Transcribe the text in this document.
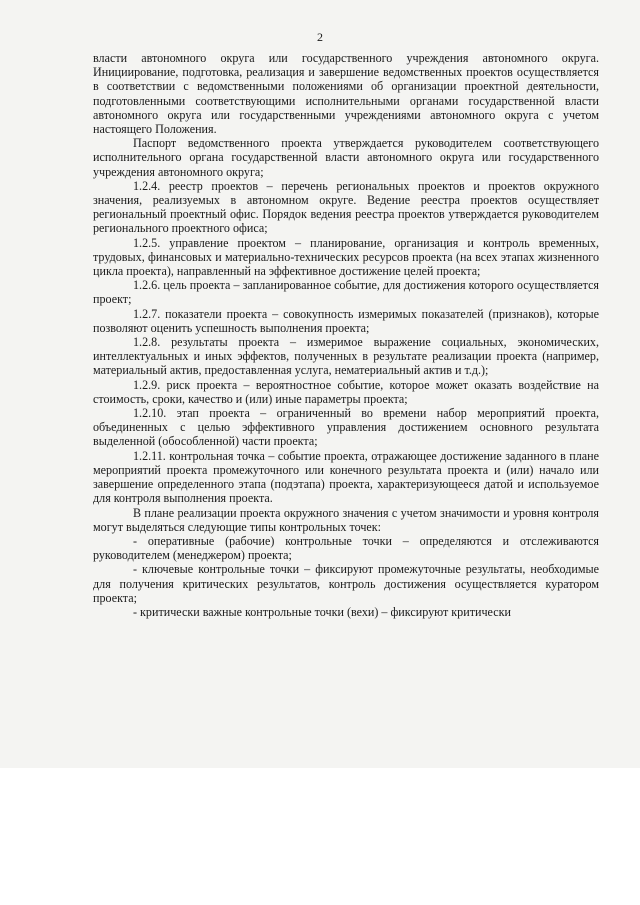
2

власти автономного округа или государственного учреждения автономного округа. Инициирование, подготовка, реализация и завершение ведомственных проектов осуществляется в соответствии с ведомственными положениями об организации проектной деятельности, подготовленными соответствующими исполнительными органами государственной власти автономного округа или государственными учреждениями автономного округа с учетом настоящего Положения.

Паспорт ведомственного проекта утверждается руководителем соответствующего исполнительного органа государственной власти автономного округа или государственного учреждения автономного округа;

1.2.4. реестр проектов – перечень региональных проектов и проектов окружного значения, реализуемых в автономном округе. Ведение реестра проектов осуществляет региональный проектный офис. Порядок ведения реестра проектов утверждается руководителем регионального проектного офиса;

1.2.5. управление проектом – планирование, организация и контроль временных, трудовых, финансовых и материально-технических ресурсов проекта (на всех этапах жизненного цикла проекта), направленный на эффективное достижение целей проекта;

1.2.6. цель проекта – запланированное событие, для достижения которого осуществляется проект;

1.2.7. показатели проекта – совокупность измеримых показателей (признаков), которые позволяют оценить успешность выполнения проекта;

1.2.8. результаты проекта – измеримое выражение социальных, экономических, интеллектуальных и иных эффектов, полученных в результате реализации проекта (например, материальный актив, предоставленная услуга, нематериальный актив и т.д.);

1.2.9. риск проекта – вероятностное событие, которое может оказать воздействие на стоимость, сроки, качество и (или) иные параметры проекта;

1.2.10. этап проекта – ограниченный во времени набор мероприятий проекта, объединенных с целью эффективного управления достижением основного результата выделенной (обособленной) части проекта;

1.2.11. контрольная точка – событие проекта, отражающее достижение заданного в плане мероприятий проекта промежуточного или конечного результата проекта и (или) начало или завершение определенного этапа (подэтапа) проекта, характеризующееся датой и используемое для контроля выполнения проекта.

В плане реализации проекта окружного значения с учетом значимости и уровня контроля могут выделяться следующие типы контрольных точек:

- оперативные (рабочие) контрольные точки – определяются и отслеживаются руководителем (менеджером) проекта;

- ключевые контрольные точки – фиксируют промежуточные результаты, необходимые для получения критических результатов, контроль достижения осуществляется куратором проекта;

- критически важные контрольные точки (вехи) – фиксируют критически
